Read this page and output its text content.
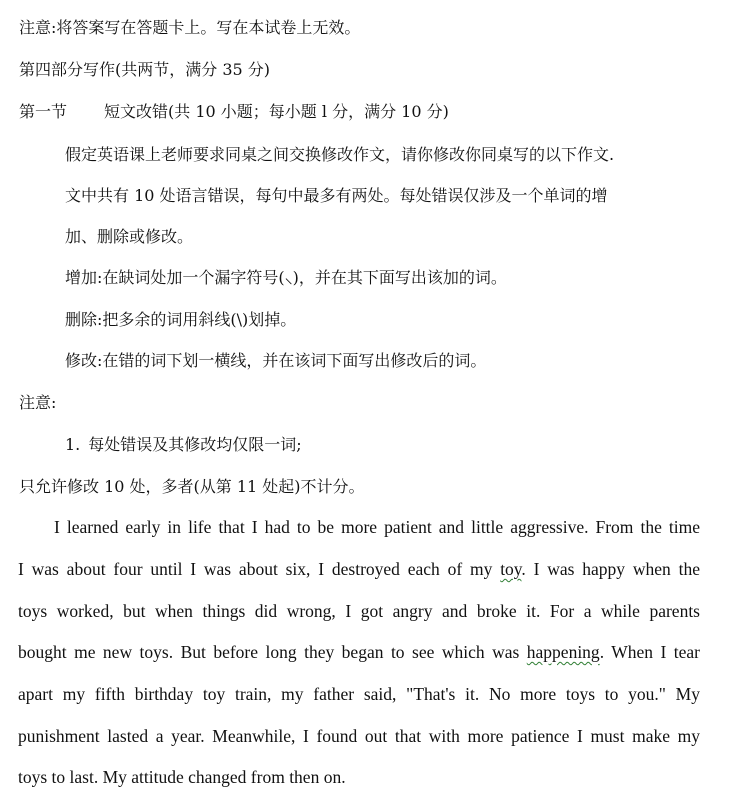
注意:将答案写在答题卡上。写在本试卷上无效。
第四部分写作(共两节，满分 35 分)
第一节 短文改错(共 10 小题；每小题 l 分，满分 10 分)
假定英语课上老师要求同桌之间交换修改作文，请你修改你同桌写的以下作文.
文中共有 10 处语言错误，每句中最多有两处。每处错误仅涉及一个单词的增
加、删除或修改。
增加:在缺词处加一个漏字符号(⸜)，并在其下面写出该加的词。
删除:把多余的词用斜线(\)划掉。
修改:在错的词下划一横线，并在该词下面写出修改后的词。
注意:
1. 每处错误及其修改均仅限一词;
只允许修改 10 处，多者(从第 11 处起)不计分。
I learned early in life that I had to be more patient and little aggressive. From the time
I was about four until I was about six, I destroyed each of my toy. I was happy when the
toys worked, but when things did wrong, I got angry and broke it. For a while parents
bought me new toys. But before long they began to see which was happening. When I tear
apart my fifth birthday toy train, my father said, "That's it. No more toys to you." My
punishment lasted a year. Meanwhile, I found out that with more patience I must make my
toys to last. My attitude changed from then on.
